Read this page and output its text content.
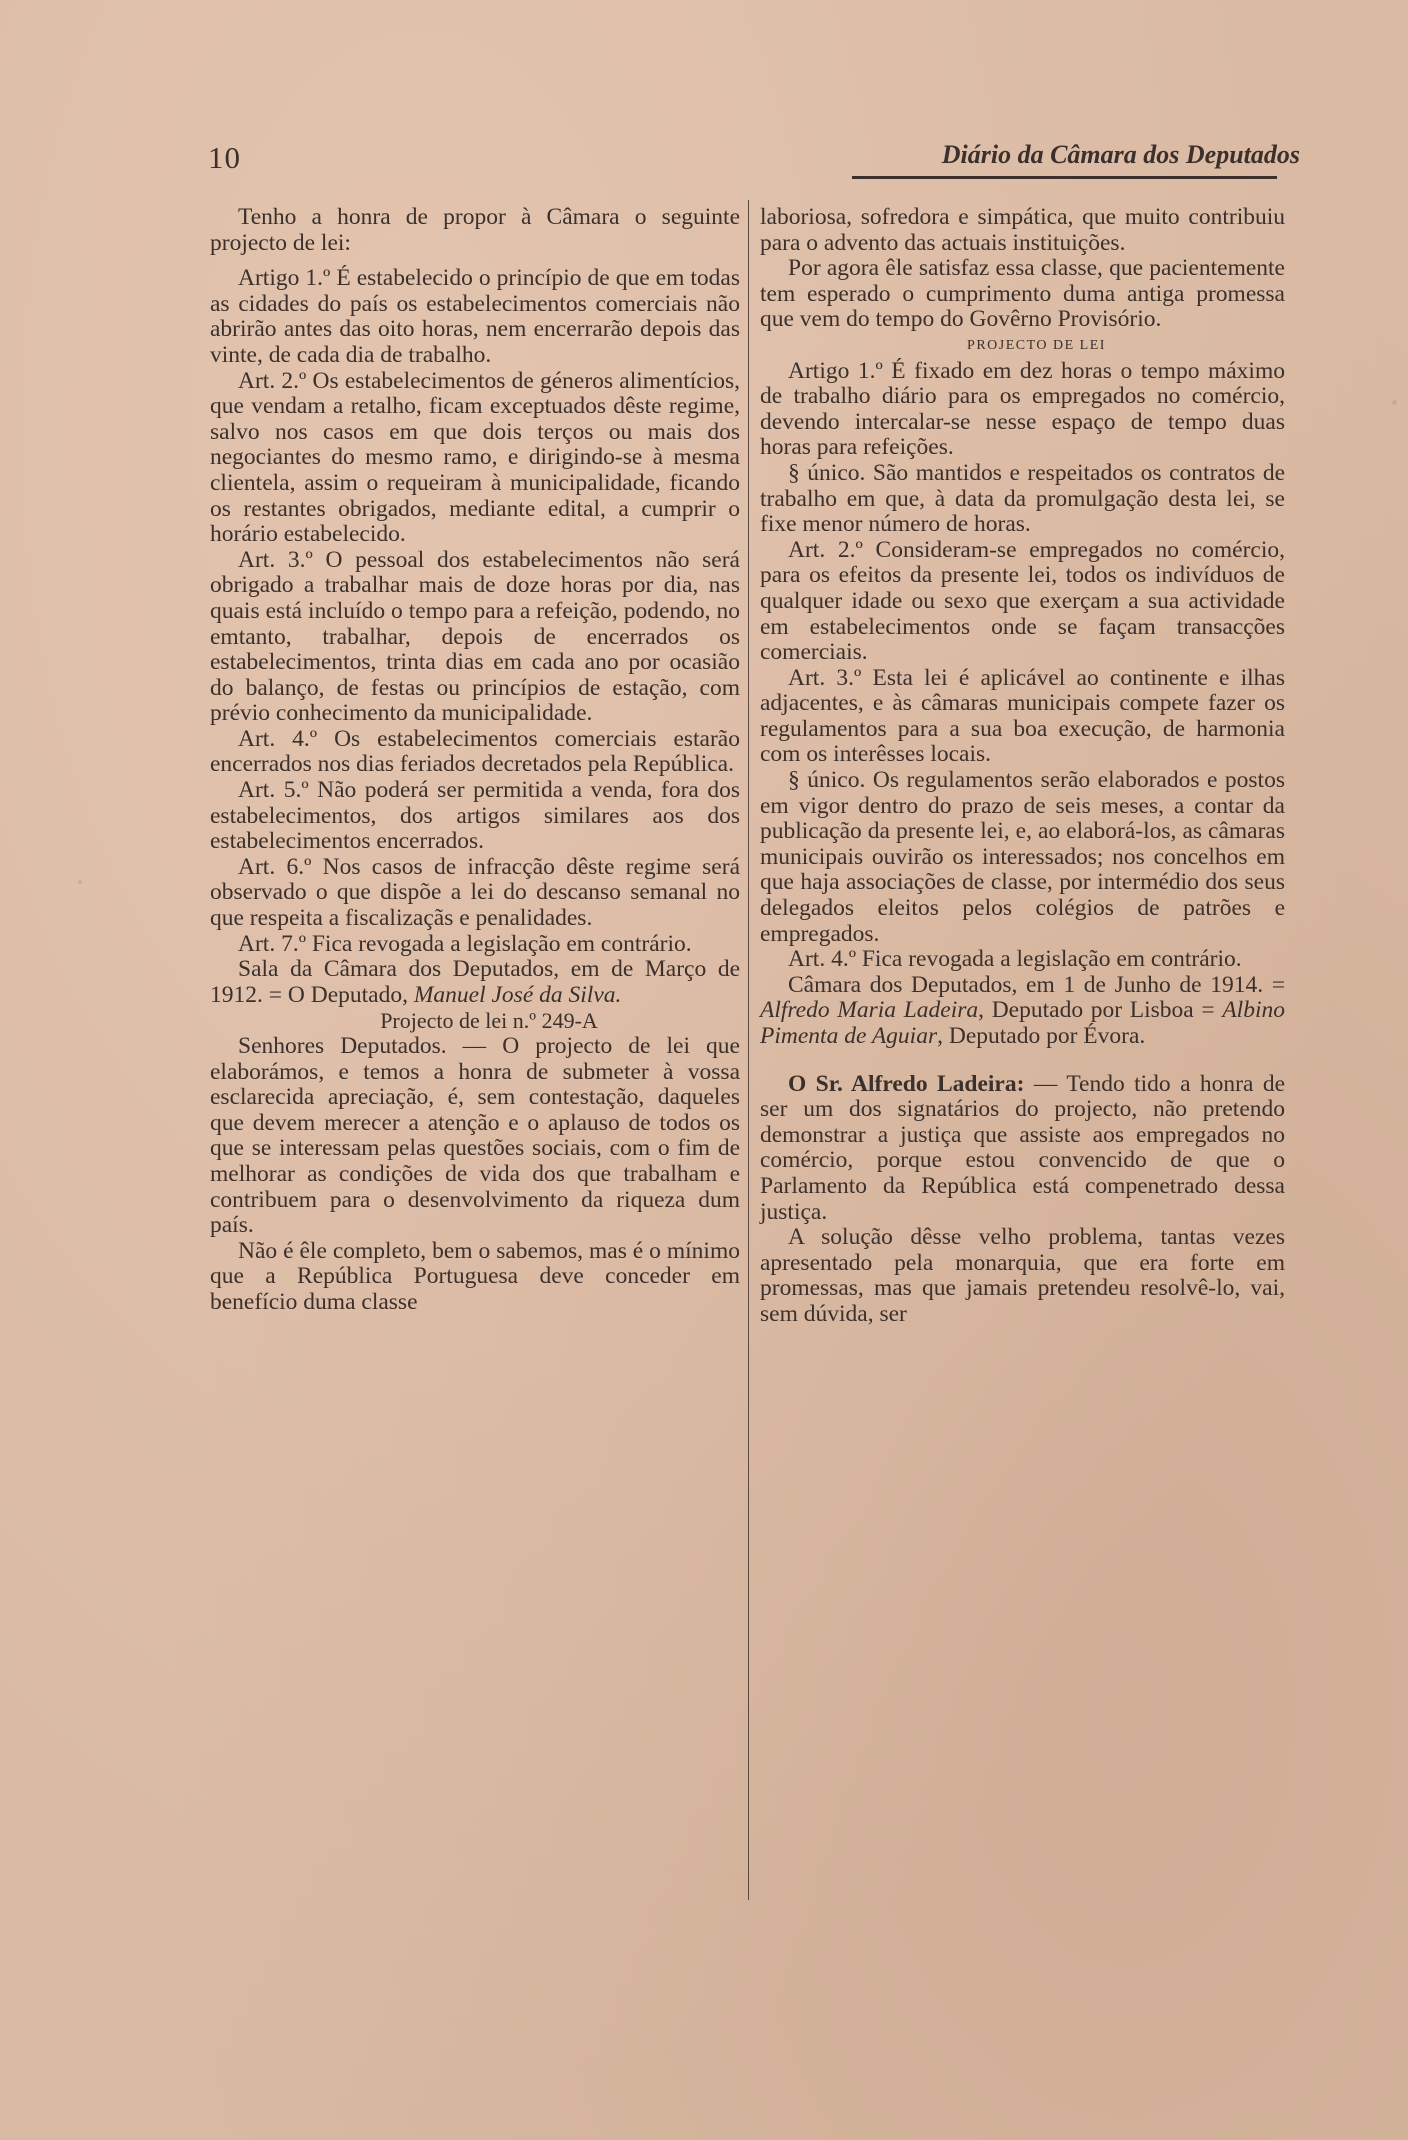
10	Diário da Câmara dos Deputados

Tenho a honra de propor à Câmara o seguinte projecto de lei:

Artigo 1.º É estabelecido o princípio de que em todas as cidades do país os estabelecimentos comerciais não abrirão antes das oito horas, nem encerrarão depois das vinte, de cada dia de trabalho.

Art. 2.º Os estabelecimentos de géneros alimentícios, que vendam a retalho, ficam exceptuados dêste regime, salvo nos casos em que dois terços ou mais dos negociantes do mesmo ramo, e dirigindo-se à mesma clientela, assim o requeiram à municipalidade, ficando os restantes obrigados, mediante edital, a cumprir o horário estabelecido.

Art. 3.º O pessoal dos estabelecimentos não será obrigado a trabalhar mais de doze horas por dia, nas quais está incluído o tempo para a refeição, podendo, no emtanto, trabalhar, depois de encerrados os estabelecimentos, trinta dias em cada ano por ocasião do balanço, de festas ou princípios de estação, com prévio conhecimento da municipalidade.

Art. 4.º Os estabelecimentos comerciais estarão encerrados nos dias feriados decretados pela República.

Art. 5.º Não poderá ser permitida a venda, fora dos estabelecimentos, dos artigos similares aos dos estabelecimentos encerrados.

Art. 6.º Nos casos de infracção dêste regime será observado o que dispõe a lei do descanso semanal no que respeita a fiscalizaçãs e penalidades.

Art. 7.º Fica revogada a legislação em contrário.

Sala da Câmara dos Deputados, em de Março de 1912. = O Deputado, Manuel José da Silva.

Projecto de lei n.º 249-A

Senhores Deputados. — O projecto de lei que elaborámos, e temos a honra de submeter à vossa esclarecida apreciação, é, sem contestação, daqueles que devem merecer a atenção e o aplauso de todos os que se interessam pelas questões sociais, com o fim de melhorar as condições de vida dos que trabalham e contribuem para o desenvolvimento da riqueza dum país.

Não é êle completo, bem o sabemos, mas é o mínimo que a República Portuguesa deve conceder em benefício duma classe

laboriosa, sofredora e simpática, que muito contribuiu para o advento das actuais instituições.

Por agora êle satisfaz essa classe, que pacientemente tem esperado o cumprimento duma antiga promessa que vem do tempo do Govêrno Provisório.

PROJECTO DE LEI

Artigo 1.º É fixado em dez horas o tempo máximo de trabalho diário para os empregados no comércio, devendo intercalar-se nesse espaço de tempo duas horas para refeições.

§ único. São mantidos e respeitados os contratos de trabalho em que, à data da promulgação desta lei, se fixe menor número de horas.

Art. 2.º Consideram-se empregados no comércio, para os efeitos da presente lei, todos os indivíduos de qualquer idade ou sexo que exerçam a sua actividade em estabelecimentos onde se façam transacções comerciais.

Art. 3.º Esta lei é aplicável ao continente e ilhas adjacentes, e às câmaras municipais compete fazer os regulamentos para a sua boa execução, de harmonia com os interêsses locais.

§ único. Os regulamentos serão elaborados e postos em vigor dentro do prazo de seis meses, a contar da publicação da presente lei, e, ao elaborá-los, as câmaras municipais ouvirão os interessados; nos concelhos em que haja associações de classe, por intermédio dos seus delegados eleitos pelos colégios de patrões e empregados.

Art. 4.º Fica revogada a legislação em contrário.

Câmara dos Deputados, em 1 de Junho de 1914. = Alfredo Maria Ladeira, Deputado por Lisboa = Albino Pimenta de Aguiar, Deputado por Évora.

O Sr. Alfredo Ladeira: — Tendo tido a honra de ser um dos signatários do projecto, não pretendo demonstrar a justiça que assiste aos empregados no comércio, porque estou convencido de que o Parlamento da República está compenetrado dessa justiça.

A solução dêsse velho problema, tantas vezes apresentado pela monarquia, que era forte em promessas, mas que jamais pretendeu resolvê-lo, vai, sem dúvida, ser
